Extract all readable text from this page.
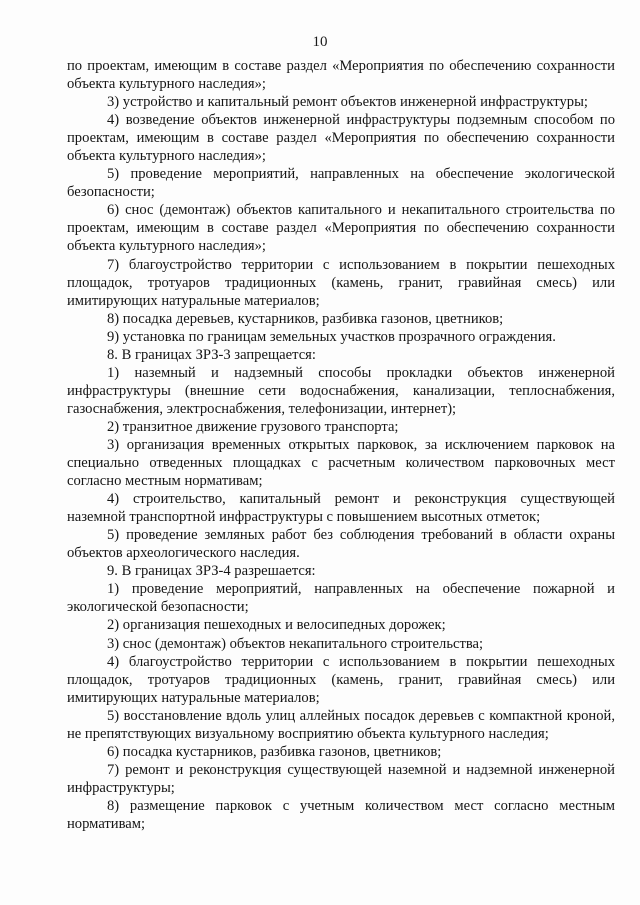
10

по проектам, имеющим в составе раздел «Мероприятия по обеспечению сохранности объекта культурного наследия»;

3) устройство и капитальный ремонт объектов инженерной инфраструктуры;

4) возведение объектов инженерной инфраструктуры подземным способом по проектам, имеющим в составе раздел «Мероприятия по обеспечению сохранности объекта культурного наследия»;

5) проведение мероприятий, направленных на обеспечение экологической безопасности;

6) снос (демонтаж) объектов капитального и некапитального строительства по проектам, имеющим в составе раздел «Мероприятия по обеспечению сохранности объекта культурного наследия»;

7) благоустройство территории с использованием в покрытии пешеходных площадок, тротуаров традиционных (камень, гранит, гравийная смесь) или имитирующих натуральные материалов;

8) посадка деревьев, кустарников, разбивка газонов, цветников;

9) установка по границам земельных участков прозрачного ограждения.

8. В границах ЗРЗ-3 запрещается:

1) наземный и надземный способы прокладки объектов инженерной инфраструктуры (внешние сети водоснабжения, канализации, теплоснабжения, газоснабжения, электроснабжения, телефонизации, интернет);

2) транзитное движение грузового транспорта;

3) организация временных открытых парковок, за исключением парковок на специально отведенных площадках с расчетным количеством парковочных мест согласно местным нормативам;

4) строительство, капитальный ремонт и реконструкция существующей наземной транспортной инфраструктуры с повышением высотных отметок;

5) проведение земляных работ без соблюдения требований в области охраны объектов археологического наследия.

9. В границах ЗРЗ-4 разрешается:

1) проведение мероприятий, направленных на обеспечение пожарной и экологической безопасности;

2) организация пешеходных и велосипедных дорожек;

3) снос (демонтаж) объектов некапитального строительства;

4) благоустройство территории с использованием в покрытии пешеходных площадок, тротуаров традиционных (камень, гранит, гравийная смесь) или имитирующих натуральные материалов;

5) восстановление вдоль улиц аллейных посадок деревьев с компактной кроной, не препятствующих визуальному восприятию объекта культурного наследия;

6) посадка кустарников, разбивка газонов, цветников;

7) ремонт и реконструкция существующей наземной и надземной инженерной инфраструктуры;

8) размещение парковок с учетным количеством мест согласно местным нормативам;
